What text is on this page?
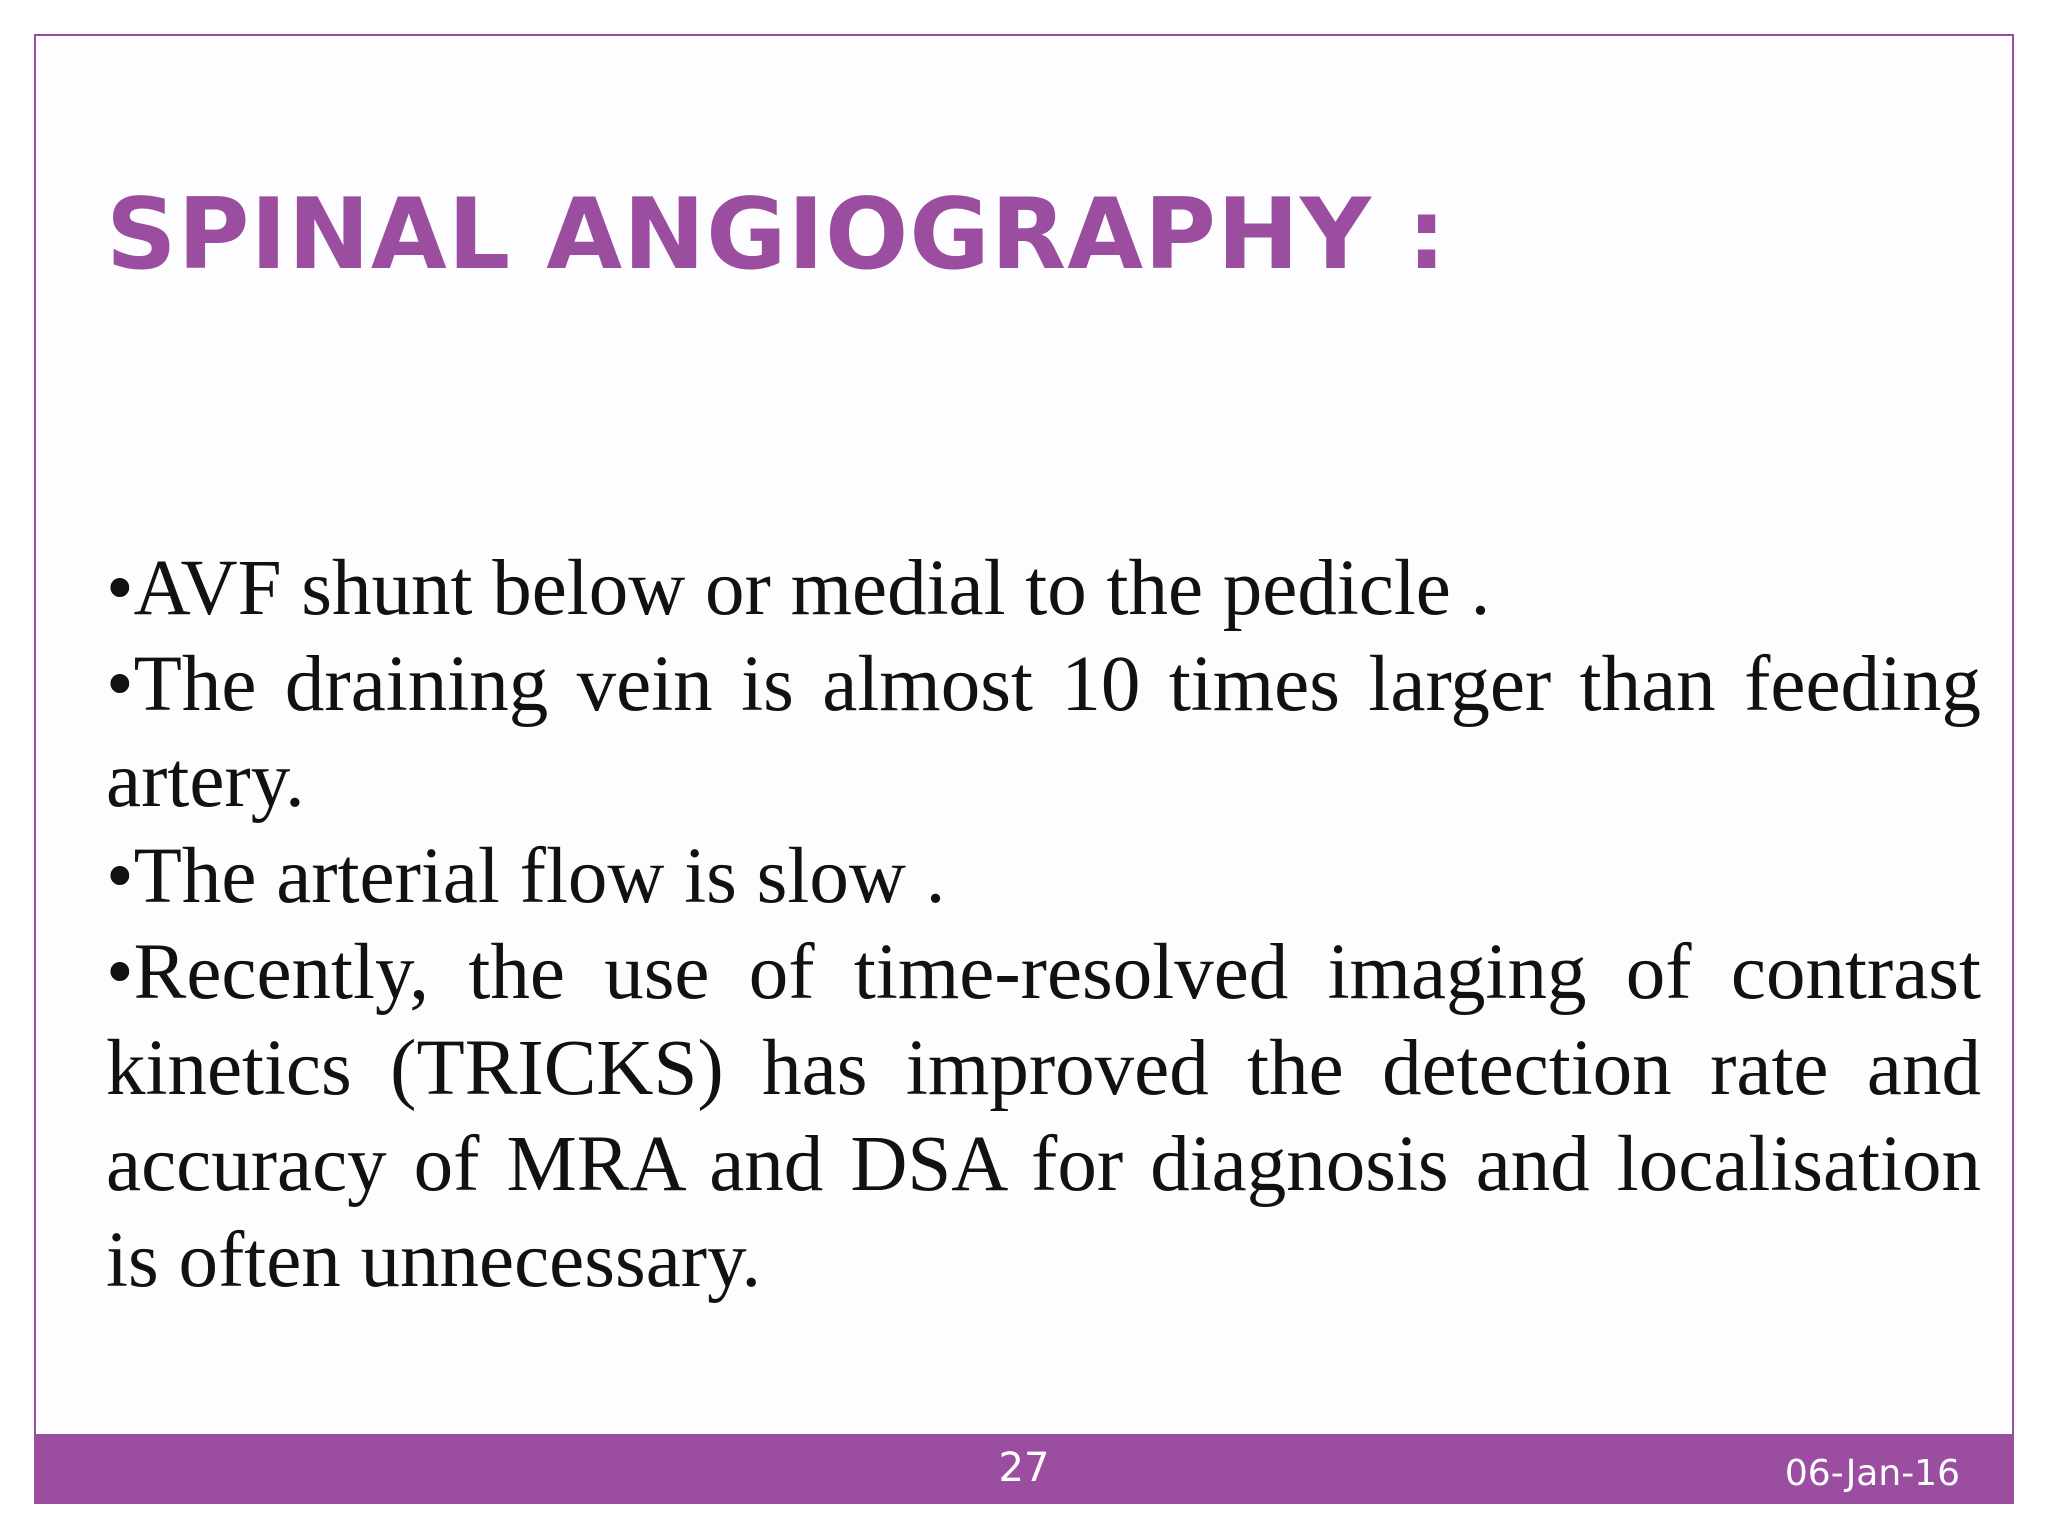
SPINAL ANGIOGRAPHY :

•AVF shunt below or medial to the pedicle .

•The draining vein is almost 10 times larger than feeding artery.

•The arterial flow is slow .

•Recently, the use of time-resolved imaging of contrast kinetics (TRICKS) has improved the detection rate and accuracy of MRA and DSA for diagnosis and localisation is often unnecessary.

27	06-Jan-16
